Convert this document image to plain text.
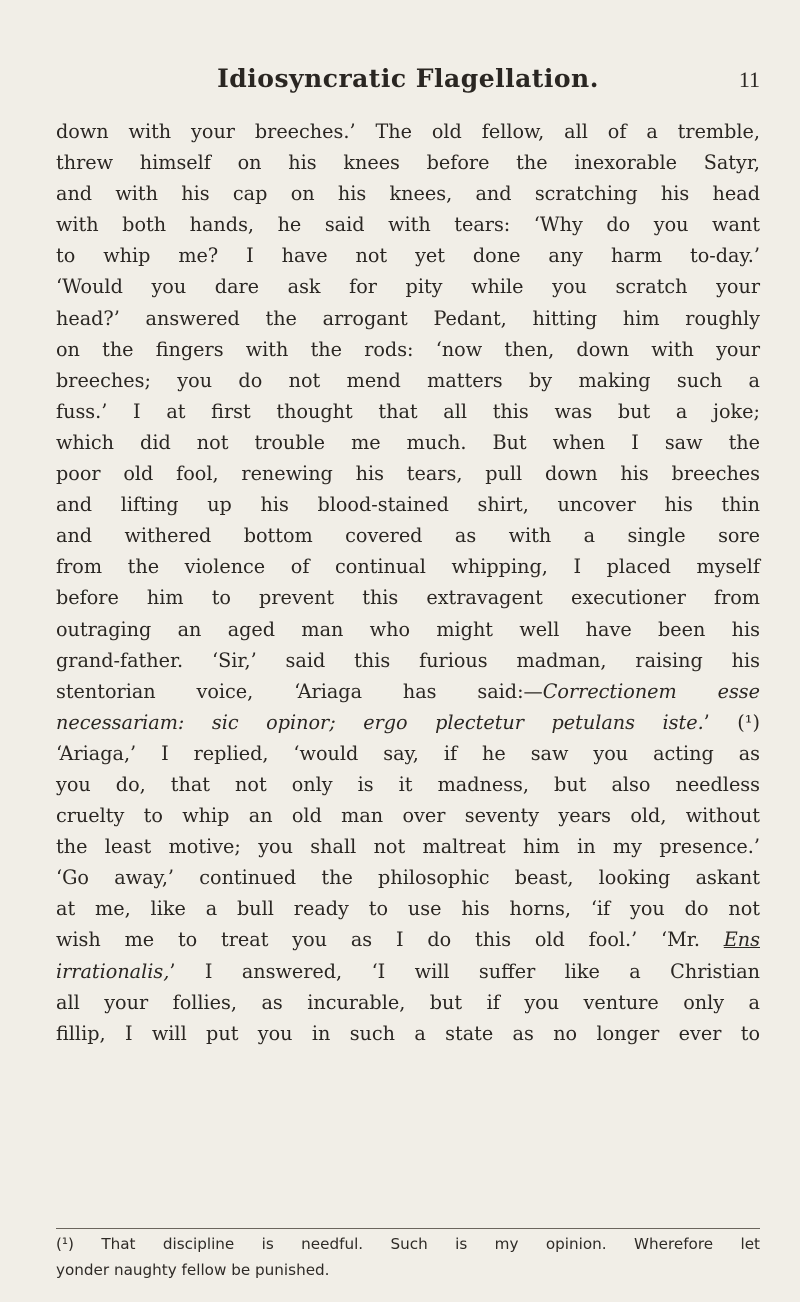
Idiosyncratic Flagellation.	11
down with your breeches.’ The old fellow, all of a tremble,
threw himself on his knees before the inexorable Satyr,
and with his cap on his knees, and scratching his head
with both hands, he said with tears: ‘Why do you want
to whip me? I have not yet done any harm to-day.’
‘Would you dare ask for pity while you scratch your
head?’ answered the arrogant Pedant, hitting him roughly
on the fingers with the rods: ‘now then, down with your
breeches; you do not mend matters by making such a
fuss.’ I at first thought that all this was but a joke;
which did not trouble me much. But when I saw the
poor old fool, renewing his tears, pull down his breeches
and lifting up his blood-stained shirt, uncover his thin
and withered bottom covered as with a single sore
from the violence of continual whipping, I placed myself
before him to prevent this extravagent executioner from
outraging an aged man who might well have been his
grand-father. ‘Sir,’ said this furious madman, raising his
stentorian voice, ‘Ariaga has said:—Correctionem esse
necessariam: sic opinor; ergo plectetur petulans iste.’ (¹)
‘Ariaga,’ I replied, ‘would say, if he saw you acting as
you do, that not only is it madness, but also needless
cruelty to whip an old man over seventy years old, without
the least motive; you shall not maltreat him in my presence.’
‘Go away,’ continued the philosophic beast, looking askant
at me, like a bull ready to use his horns, ‘if you do not
wish me to treat you as I do this old fool.’ ‘Mr. Ens
irrationalis,’ I answered, ‘I will suffer like a Christian
all your follies, as incurable, but if you venture only a
fillip, I will put you in such a state as no longer ever to
(¹) That discipline is needful. Such is my opinion. Wherefore let
yonder naughty fellow be punished.
